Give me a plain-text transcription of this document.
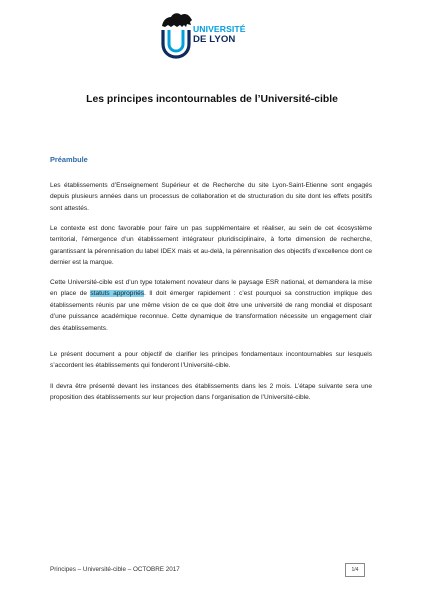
UNIVERSITÉ
DE LYON
Les principes incontournables de l’Université-cible
Préambule

Les établissements d’Enseignement Supérieur et de Recherche du site Lyon-Saint-Etienne sont engagés depuis plusieurs années dans un processus de collaboration et de structuration du site dont les effets positifs sont attestés.

Le contexte est donc favorable pour faire un pas supplémentaire et réaliser, au sein de cet écosystème territorial, l’émergence d’un établissement intégrateur pluridisciplinaire, à forte dimension de recherche, garantissant la pérennisation du label IDEX mais et au-delà, la pérennisation des objectifs d’excellence dont ce dernier est la marque.

Cette Université-cible est d’un type totalement novateur dans le paysage ESR national, et demandera la mise en place de statuts appropriés. Il doit émerger rapidement : c’est pourquoi sa construction implique des établissements réunis par une même vision de ce que doit être une université de rang mondial et disposant d’une puissance académique reconnue. Cette dynamique de transformation nécessite un engagement clair des établissements.

Le présent document a pour objectif de clarifier les principes fondamentaux incontournables sur lesquels s’accordent les établissements qui fonderont l’Université-cible.

Il devra être présenté devant les instances des établissements dans les 2 mois. L’étape suivante sera une proposition des établissements sur leur projection dans l’organisation de l’Université-cible.

Principes – Université-cible – OCTOBRE 2017	1/4
